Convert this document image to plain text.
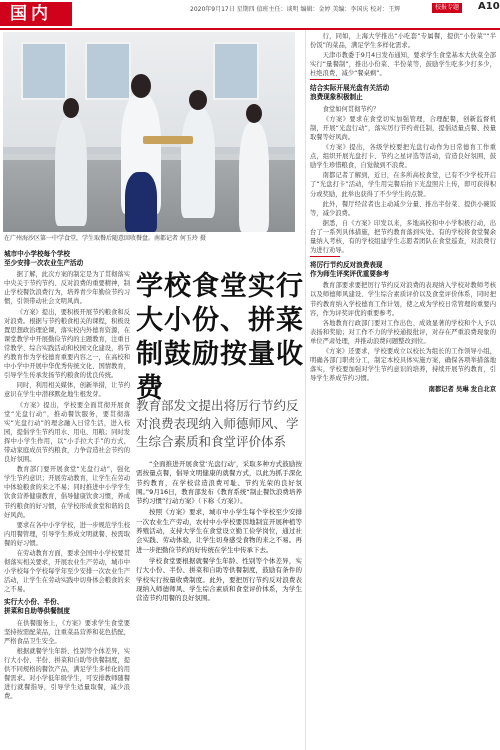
国内	2020年9月17日 星期四 值班主任：谈明 编辑：金婷 美编：李国庆 校对：王辉	校报专题	A10
在广州海沙区第一中学食堂，学生取餐后随意回收餐盘。南都记者 何玉玲 摄
城市中小学校每个学校
至少安排一次农业生产活动

据了解，此次方案的制定是为了贯彻落实中央关于节约节约、反对浪费的重要精神，制止学校餐饮浪费行为，培养青少年勤俭节约习惯，引领带动社会文明风尚。

《方案》提出，要积极开展节约粮食和反对浪费。根据与节约粮食相关的课程，积极设置思想政治理论课，落实校内外德育资源，在课堂教学中开展勤俭节约的主题教育，注重日常教学、综合实践活动和校园文化建设，将节约教育作为学校德育重要内容之一，在高校和中小学中开展中华优秀传统文化、国情教育，引导学生传承发扬节约粮食的优良传统。

同时，利用相关媒体，创新举措，让节约意识在学生中潜移默化地生根发芽。

《方案》提出，学校要全面贯彻开展食堂“光盘行动”，推动餐饮服务，要贯彻落实“光盘行动”的理念融入日常生活，进入校园，提倡学生节约用水、用电、用粮；同时发挥中小学生作用，以“小手拉大手”的方式，带动家庭成员节约粮食，力争营造社会节约的良好氛围。

教育部门要开展食堂“光盘行动”，强化学生节约意识；开展劳动教育，让学生在劳动中体验粮食的来之不易；同时推进中小学学生饮食营养健康教育，倡导健康饮食习惯，养成节约粮食的好习惯，在学校形成食堂和谐的良好风尚。

要求在各中小学学校，进一步规范学生校内用餐管理，引导学生养成文明就餐、按需取餐的好习惯。

在劳动教育方面，要求全国中小学校要贯彻落实相关要求，开展农业生产劳动，城市中小学校每个学校每学年至少安排一次农业生产活动，让学生在劳动实践中切身体会粮食的来之不易。

实行大小份、半份、
拼菜和自助等供餐制度

在供餐服务上，《方案》要求学生食堂要坚持按需配菜品，注重菜品营养和花色搭配，严格食品卫生安全。

根据就餐学生年龄、性别等个体差异，实行大小份、半份、拼菜和自助等供餐制度，提供不同规格的餐饮产品，满足学生多样化的用餐需求。对小学低年级学生，可安排教师随餐进行就餐指导，引导学生适量取餐，减少浪费。

学校食堂实行大小份、拼菜制鼓励按量收费
教育部发文提出将厉行节约反对浪费表现纳入师德师风、学生综合素质和食堂评价体系

“全面推进开展食堂‘光盘行动’，采取多种方式鼓励按需按量点餐，倡导文明健康的就餐方式，以此为抓手深化节约教育，在学校营造浪费可耻、节约光荣的良好氛围。”9月16日，教育部发布《教育系统“制止餐饮浪费培养节约习惯”行动方案》（下称《方案》）。

按照《方案》要求，城市中小学生每个学校至少安排一次农业生产劳动，农村中小学校要因地制宜开展种植等养殖活动，支持大学生在食堂设立勤工俭学岗位，通过社会实践、劳动体验，让学生切身感受食物的来之不易。再进一步把勤俭节约的好传统在学生中传承下去。

学校食堂要根据就餐学生年龄、性别等个体差异，实行大小份、半份、拼菜和自助等供餐制度，鼓励有条件的学校实行按量收费制度。此外，要把厉行节约反对浪费表现纳入师德师风、学生综合素质和食堂评价体系，为学生营造节约用餐的良好氛围。

行，同如，上海大学推出“小吃套”专属餐，提供“小份菜”“半份饭”的菜品，满足学生多样化需求。

天津市教委于9月4日发布通知，要求学生食堂基本大伙菜全部实行“量餐制”，推出小份菜、半份菜等，鼓励学生吃多少打多少，杜绝浪费，减少“餐桌剩”。

结合实际开展光盘有关活动
浪费现象积极制止

食堂如何贯彻节约？

《方案》要求在食堂切实加强管理，合理配餐，创新监督机制，开展“光盘行动”，落实厉行节约责任制，提倡适量点餐、按量取餐等好风尚。

《方案》提出，各级学校要把光盘行动作为日常德育工作重点，组织开展光盘打卡、节约之星评选等活动，营造良好氛围，鼓励学生珍惜粮食，自觉做到不浪费。

南都记者了解到，近日，在多所高校食堂，已有不少学校开启了“光盘打卡”活动，学生用完餐后拍下光盘照片上传，即可获得积分或奖励，此举也获得了不少学生的点赞。

此外，餐厅经营者也主动减少分量、推出半份菜、提供小碗饭等，减少浪费。

据悉，自《方案》印发以来，多地高校和中小学积极行动，出台了一系列具体措施，把节约教育落到实处。有的学校将食堂餐余量纳入考核，有的学校组建学生志愿者团队在食堂巡查，对浪费行为进行劝导。

将厉行节约反对浪费表现
作为师生评奖评优重要参考

教育部要求要把厉行节约反对浪费的表现纳入学校对教师考核以及师德师风建设、学生综合素质评价以及食堂评价体系，同时把节约教育纳入学校德育工作计划，使之成为学校日常管理的重要内容，作为评奖评优的重要参考。

各地教育行政部门要对工作出色、成效显著的学校和个人予以表扬和奖励；对工作不力的学校通报批评，对存在严重浪费现象的单位严肃处理，并推动浪费问题整改到位。

《方案》还要求，学校要成立以校长为组长的工作领导小组，明确各部门职责分工，制定本校具体实施方案，确保各项举措落地落实，学校要加强对学生节约意识的培养，持续开展节约教育，引导学生养成节约习惯。

南都记者 吴琳 发自北京
